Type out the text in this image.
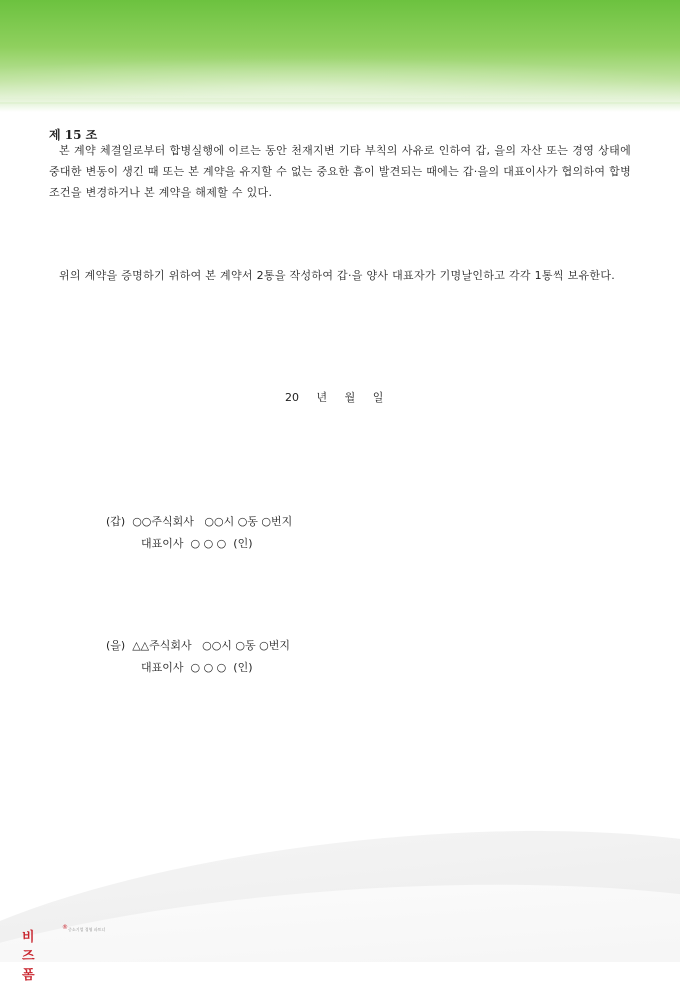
제 15 조
본 계약 체결일로부터 합병실행에 이르는 동안 천재지변 기타 부칙의 사유로 인하여 갑, 을의 자산 또는 경영 상태에 중대한 변동이 생긴 때 또는 본 계약을 유지할 수 없는 중요한 흠이 발견되는 때에는 갑·을의 대표이사가 협의하여 합병조건을 변경하거나 본 계약을 해제할 수 있다.
위의 계약을 증명하기 위하여 본 계약서 2통을 작성하여 갑·을 양사 대표자가 기명날인하고 각각 1통씩 보유한다.
20 년 월 일
(갑)  ○○주식회사   ○○시 ○동 ○번지
대표이사  ○ ○ ○  (인)
(을)  △△주식회사   ○○시 ○동 ○번지
대표이사  ○ ○ ○  (인)
비즈폼
® 중소기업 경영 파트너
